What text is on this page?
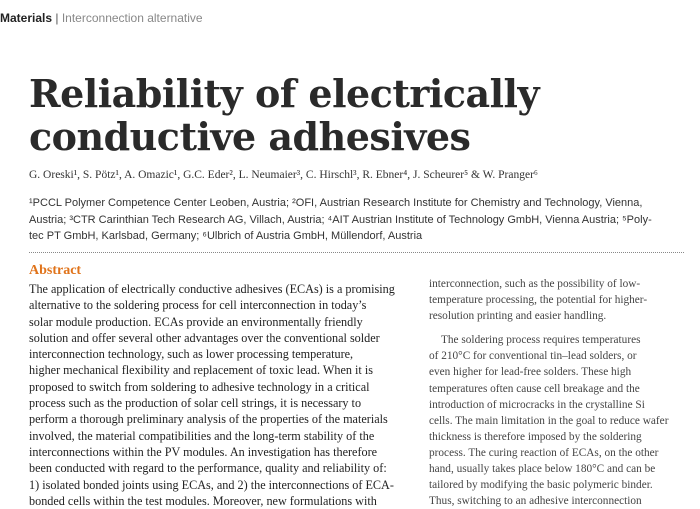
Materials | Interconnection alternative
Reliability of electrically
conductive adhesives
G. Oreski¹, S. Pötz¹, A. Omazic¹, G.C. Eder², L. Neumaier³, C. Hirschl³, R. Ebner⁴, J. Scheurer⁵ & W. Pranger⁶

¹PCCL Polymer Competence Center Leoben, Austria; ²OFI, Austrian Research Institute for Chemistry and Technology, Vienna,

Austria; ³CTR Carinthian Tech Research AG, Villach, Austria; ⁴AIT Austrian Institute of Technology GmbH, Vienna Austria; ⁵Poly-

tec PT GmbH, Karlsbad, Germany; ⁶Ulbrich of Austria GmbH, Müllendorf, Austria

Abstract
The application of electrically conductive adhesives (ECAs) is a promising
alternative to the soldering process for cell interconnection in today’s
solar module production. ECAs provide an environmentally friendly
solution and offer several other advantages over the conventional solder
interconnection technology, such as lower processing temperature,
higher mechanical flexibility and replacement of toxic lead. When it is
proposed to switch from soldering to adhesive technology in a critical
process such as the production of solar cell strings, it is necessary to
perform a thorough preliminary analysis of the properties of the materials
involved, the material compatibilities and the long-term stability of the
interconnections within the PV modules. An investigation has therefore
been conducted with regard to the performance, quality and reliability of:
1) isolated bonded joints using ECAs, and 2) the interconnections of ECA-
bonded cells within the test modules. Moreover, new formulations with
interconnection, such as the possibility of low-
temperature processing, the potential for higher-
resolution printing and easier handling.
The soldering process requires temperatures
of 210°C for conventional tin–lead solders, or
even higher for lead-free solders. These high
temperatures often cause cell breakage and the
introduction of microcracks in the crystalline Si
cells. The main limitation in the goal to reduce wafer
thickness is therefore imposed by the soldering
process. The curing reaction of ECAs, on the other
hand, usually takes place below 180°C and can be
tailored by modifying the basic polymeric binder.
Thus, switching to an adhesive interconnection
